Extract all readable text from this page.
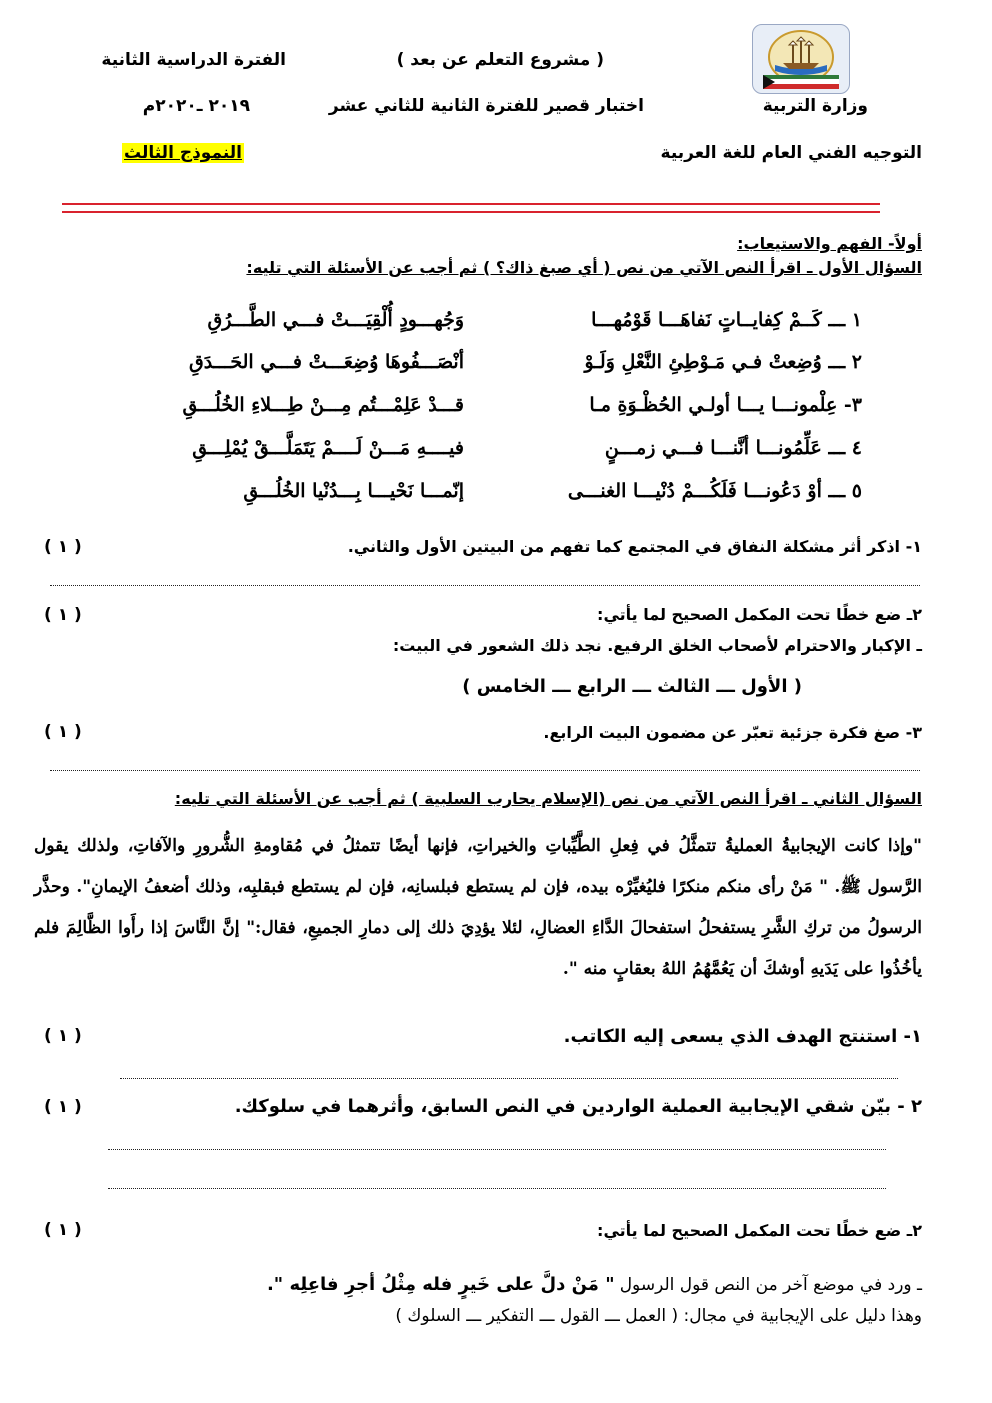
وزارة التربية
التوجيه الفني العام للغة العربية
( مشروع التعلم عن بعد )
اختبار قصير للفترة الثانية للثاني عشر
الفترة الدراسية الثانية
٢٠١٩ ـ٢٠٢٠م
النموذج الثالث
أولاً- الفهم والاستيعاب:
السؤال الأول ـ اقرأ النص الآتي من نص ( أي صبغ ذاك؟ ) ثم أجب عن الأسئلة التي تليه:
١ ـــ كَــمْ كِفايــاتٍ نَفاهَـــا قَوْمُهـــا
وَجُهـــودٍ أُلْقِيَـــتْ فـــي الطَّـــرُقِ
٢ ـــ وُضِعتْ فـي مَـوْطِئِ النَّعْلِ وَلَـوْ
أنْصَـــفُوهَا وُضِعَـــتْ فـــي الحَـــدَقِ
٣- عِلْمونـــا يـــا أولـي الحُظْـوَةِ مـا
قـــدْ عَلِمْـــتُم مِـــنْ طِـــلاءِ الخُلُـــقِ
٤ ـــ عَلِّمُونـــا أنَّنـــا فـــي زمـــنٍ
فيــــهِ مَـــنْ لَــــمْ يَتَمَلَّـــقْ يُمْلِـــقِ
٥ ـــ أوْ دَعُونـــا فَلَكُـــمْ دُنْيـــا الغنـــى
إنّمـــا نَحْيـــا بِـــدُنْيا الخُلُـــقِ
١- اذكر أثر مشكلة النفاق في المجتمع كما تفهم من البيتين الأول والثاني.
( ١ )
٢ـ ضع خطًا تحت المكمل الصحيح لما يأتي:
( ١ )
ـ الإكبار والاحترام لأصحاب الخلق الرفيع. نجد ذلك الشعور في البيت:
( الأول ـــ الثالث ـــ الرابع ـــ الخامس )
٣- صغ فكرة جزئية تعبّر عن مضمون البيت الرابع.
( ١ )
السؤال الثاني ـ اقرأ النص الآتي من نص (الإسلام يحارب السلبية ) ثم أجب عن الأسئلة التي تليه:
"وإذا كانت الإيجابيةُ العمليةُ تتمثَّلُ في فِعلِ الطَّيِّباتِ والخيراتِ، فإنها أيضًا تتمثلُ في مُقاومةِ الشُّرورِ والآفاتِ، ولذلك يقول الرَّسول ﷺ. " مَنْ رأى منكم منكرًا فليُغيِّرْه بيده، فإن لم يستطع فبلسانِه، فإن لم يستطع فبقلبِه، وذلك أضعفُ الإيمانِ". وحذَّر الرسولُ من تركِ الشَّرِ يستفحلُ استفحالَ الدَّاءِ العضالِ، لئلا يؤدِيَ ذلك إلى دمارِ الجميعِ، فقال:" إنَّ النَّاسَ إذا رأَوا الظَّالِمَ فلم يأخُذُوا على يَدَيهِ أوشكَ أن يَعُمَّهُمُ اللهُ بعقابٍ منه ".
١- استنتج الهدف الذي يسعى إليه الكاتب.
( ١ )
٢ - بيّن شقي الإيجابية العملية الواردين في النص السابق، وأثرهما في سلوكك.
( ١ )
٢ـ ضع خطًا تحت المكمل الصحيح لما يأتي:
( ١ )
ـ ورد في موضع آخر من النص قول الرسول " مَنْ دلَّ على خَيرٍ فله مِثْلُ أجرِ فاعِلِه ".
وهذا دليل على الإيجابية في مجال: ( العمل ـــ القول ـــ التفكير ـــ السلوك )
